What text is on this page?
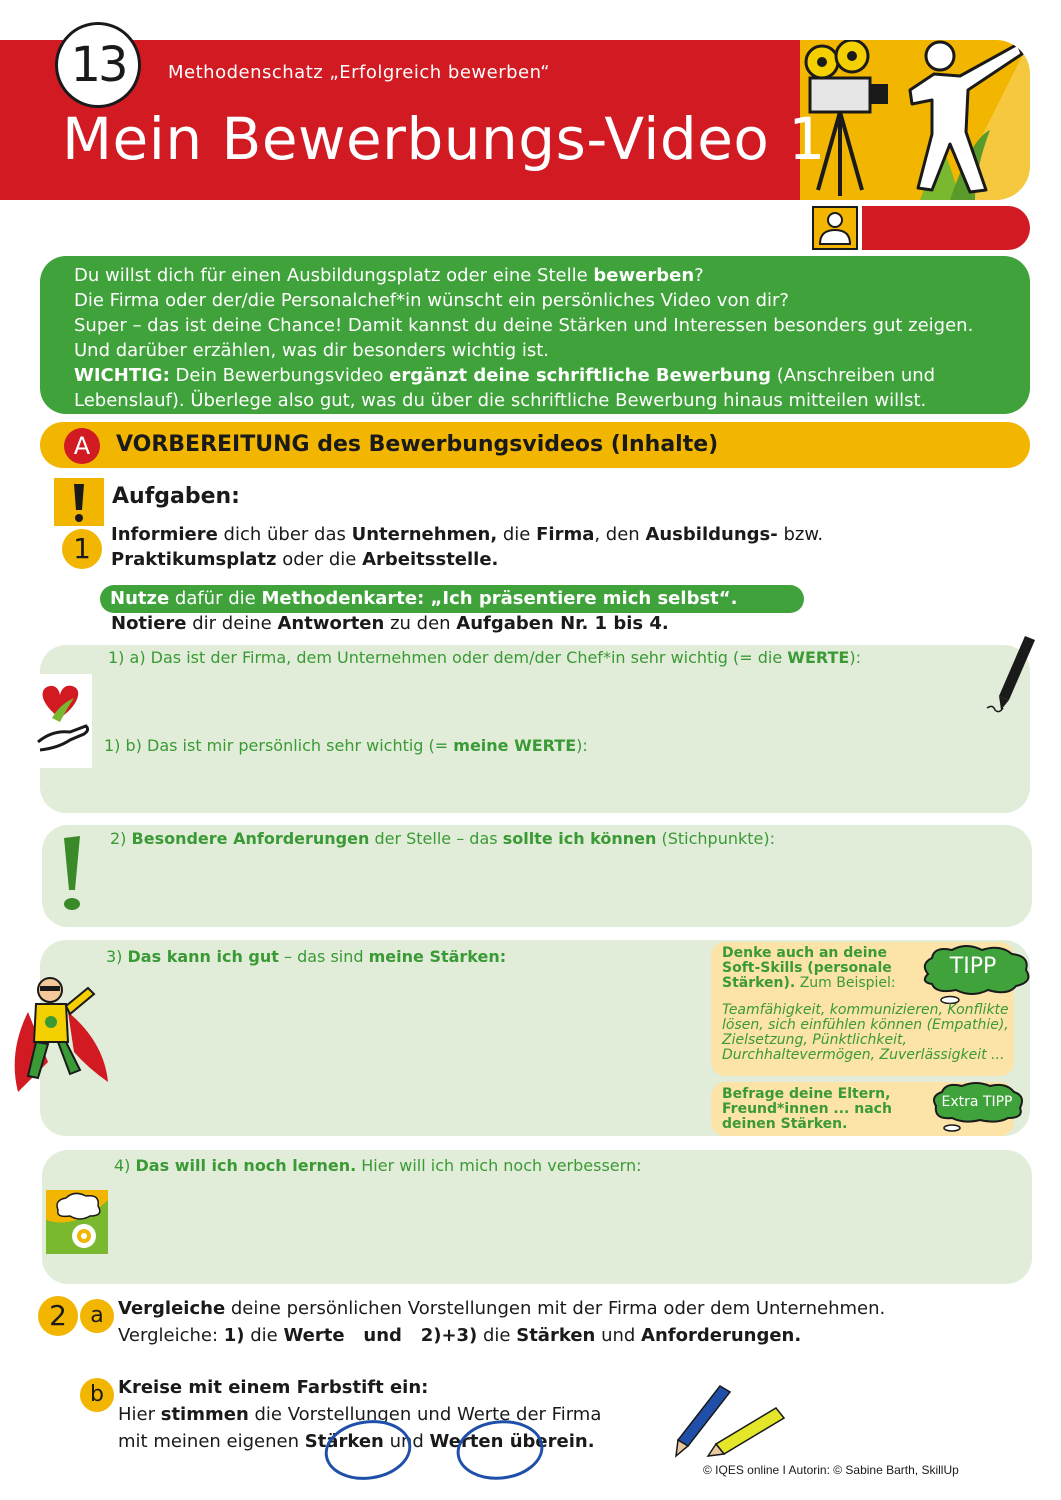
13	Methodenschatz „Erfolgreich bewerben“
Mein Bewerbungs-Video 1

Du willst dich für einen Ausbildungsplatz oder eine Stelle bewerben?

Die Firma oder der/die Personalchef*in wünscht ein persönliches Video von dir?

Super – das ist deine Chance! Damit kannst du deine Stärken und Interessen besonders gut zeigen. Und darüber erzählen, was dir besonders wichtig ist.

WICHTIG: Dein Bewerbungsvideo ergänzt deine schriftliche Bewerbung (Anschreiben und Lebenslauf). Überlege also gut, was du über die schriftliche Bewerbung hinaus mitteilen willst.

A	VORBEREITUNG des Bewerbungsvideos (Inhalte)
Aufgaben:
1	Informiere dich über das Unternehmen, die Firma, den Ausbildungs- bzw.
Praktikumsplatz oder die Arbeitsstelle.
Nutze dafür die Methodenkarte: „Ich präsentiere mich selbst“.
Notiere dir deine Antworten zu den Aufgaben Nr. 1 bis 4.
1) a) Das ist der Firma, dem Unternehmen oder dem/der Chef*in sehr wichtig (= die WERTE):
1) b) Das ist mir persönlich sehr wichtig (= meine WERTE):
2) Besondere Anforderungen der Stelle – das sollte ich können (Stichpunkte):
3) Das kann ich gut – das sind meine Stärken:	Denke auch an deine Soft-Skills (personale Stärken). Zum Beispiel:
TIPP
Teamfähigkeit, kommunizieren, Konflikte lösen, sich einfühlen können (Empathie), Zielsetzung, Pünktlichkeit, Durchhaltevermögen, Zuverlässigkeit ...
Befrage deine Eltern, Freund*innen ... nach deinen Stärken.
Extra TIPP
4) Das will ich noch lernen. Hier will ich mich noch verbessern:
2	a Vergleiche deine persönlichen Vorstellungen mit der Firma oder dem Unternehmen.
Vergleiche: 1) die Werte   und   2)+3) die Stärken und Anforderungen.
b Kreise mit einem Farbstift ein:
Hier stimmen die Vorstellungen und Werte der Firma
mit meinen eigenen Stärken und Werten überein.
© IQES online I Autorin: © Sabine Barth, SkillUp
